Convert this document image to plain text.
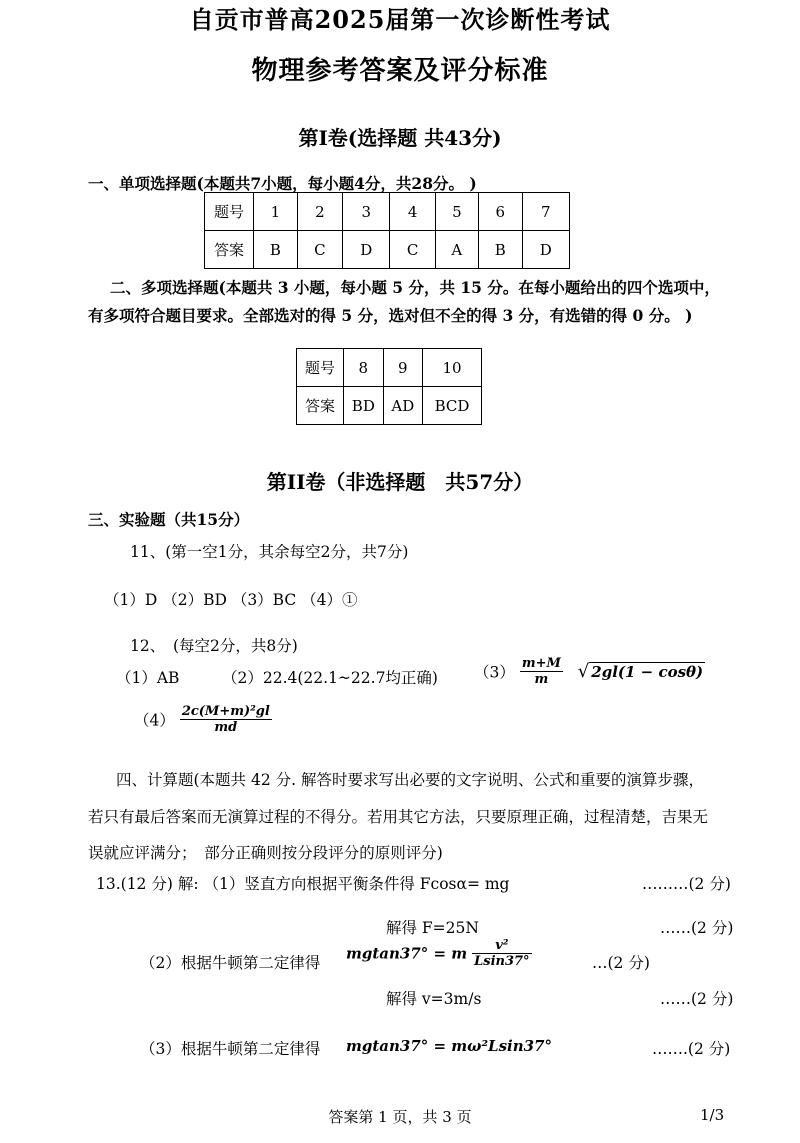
自贡市普高2025届第一次诊断性考试
物理参考答案及评分标准
第Ⅰ卷(选择题 共43分)
一、单项选择题(本题共7小题，每小题4分，共28分。 )
题号	1	2	3	4	5	6	7
答案	B	C	D	C	A	B	D
二、多项选择题(本题共 3 小题，每小题 5 分，共 15 分。在每小题给出的四个选项中，
有多项符合题目要求。全部选对的得 5 分，选对但不全的得 3 分，有选错的得 0 分。 )
题号	8	9	10
答案	BD	AD	BCD
第II卷（非选择题　共57分）
三、实验题（共15分）
11、(第一空1分，其余每空2分，共7分)
（1）D （2）BD （3）BC （4）①
12、　(每空2分，共8分)
（1）AB	（2）22.4(22.1~22.7均正确) $(3) \frac{m+M}{m}$ √ 2gl(1 − cosθ)
$(4) \frac{\text{2c(M+m)²gl}}{md}$
四、计算题(本题共 42 分. 解答时要求写出必要的文字说明、公式和重要的演算步骤，
若只有最后答案而无演算过程的不得分。若用其它方法，只要原理正确，过程清楚，吉果无
误就应评满分；　部分正确则按分段评分的原则评分)
13.(12 分) 解: （1）竖直方向根据平衡条件得 Fcosα= mg	………(2 分)
解得 F=25N	……(2 分)
（2）根据牛顿第二定律得
mgtan37° = m $\frac{\text{v²}}{Lsin37^\circ}$	…(2 分)
解得 v=3m/s	……(2 分)
（3）根据牛顿第二定律得 mgtan37° = mω²Lsin37°	…….(2 分)
答案第 1 页，共 3 页	1/3
